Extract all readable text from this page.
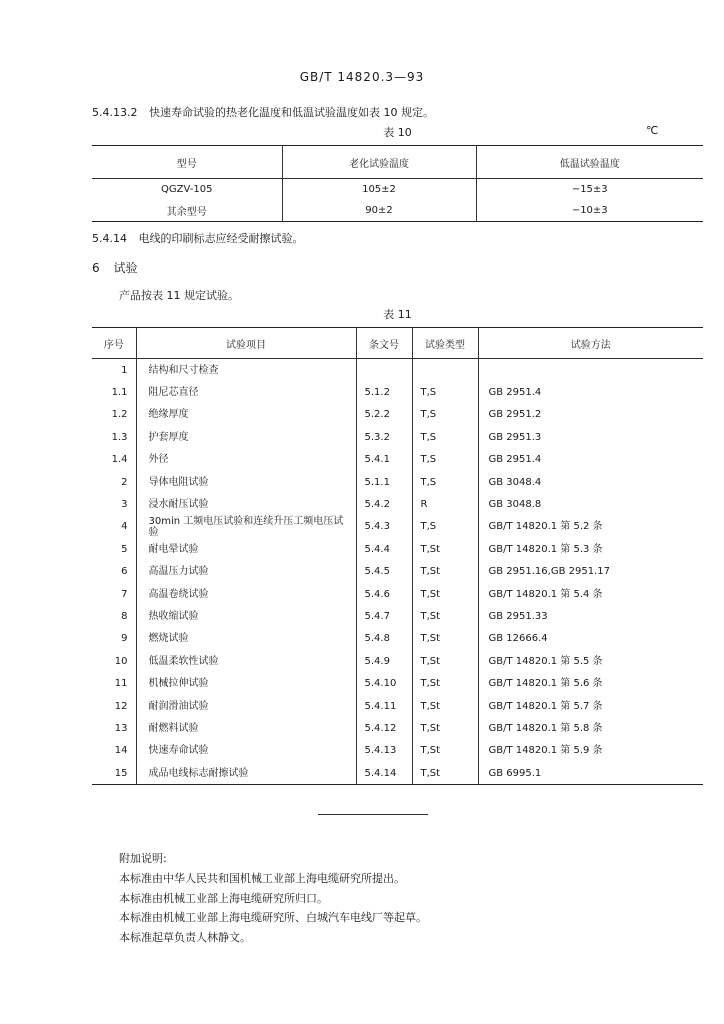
GB/T 14820.3—93
5.4.13.2 快速寿命试验的热老化温度和低温试验温度如表 10 规定。
表 10	℃
型号	老化试验温度	低温试验温度
QGZV-105	105±2	−15±3
其余型号	90±2	−10±3
5.4.14 电线的印刷标志应经受耐擦试验。
6 试验
产品按表 11 规定试验。
表 11
序号	试验项目	条文号	试验类型	试验方法
1	结构和尺寸检查			
1.1	阻尼芯直径	5.1.2	T,S	GB 2951.4
1.2	绝缘厚度	5.2.2	T,S	GB 2951.2
1.3	护套厚度	5.3.2	T,S	GB 2951.3
1.4	外径	5.4.1	T,S	GB 2951.4
2	导体电阻试验	5.1.1	T,S	GB 3048.4
3	浸水耐压试验	5.4.2	R	GB 3048.8
4	30min 工频电压试验和连续升压工频电压试验	5.4.3	T,S	GB/T 14820.1 第 5.2 条
5	耐电晕试验	5.4.4	T,St	GB/T 14820.1 第 5.3 条
6	高温压力试验	5.4.5	T,St	GB 2951.16,GB 2951.17
7	高温卷绕试验	5.4.6	T,St	GB/T 14820.1 第 5.4 条
8	热收缩试验	5.4.7	T,St	GB 2951.33
9	燃烧试验	5.4.8	T,St	GB 12666.4
10	低温柔软性试验	5.4.9	T,St	GB/T 14820.1 第 5.5 条
11	机械拉伸试验	5.4.10	T,St	GB/T 14820.1 第 5.6 条
12	耐润滑油试验	5.4.11	T,St	GB/T 14820.1 第 5.7 条
13	耐燃料试验	5.4.12	T,St	GB/T 14820.1 第 5.8 条
14	快速寿命试验	5.4.13	T,St	GB/T 14820.1 第 5.9 条
15	成品电线标志耐擦试验	5.4.14	T,St	GB 6995.1
附加说明:
本标准由中华人民共和国机械工业部上海电缆研究所提出。
本标准由机械工业部上海电缆研究所归口。
本标准由机械工业部上海电缆研究所、白城汽车电线厂等起草。
本标准起草负责人林静文。
